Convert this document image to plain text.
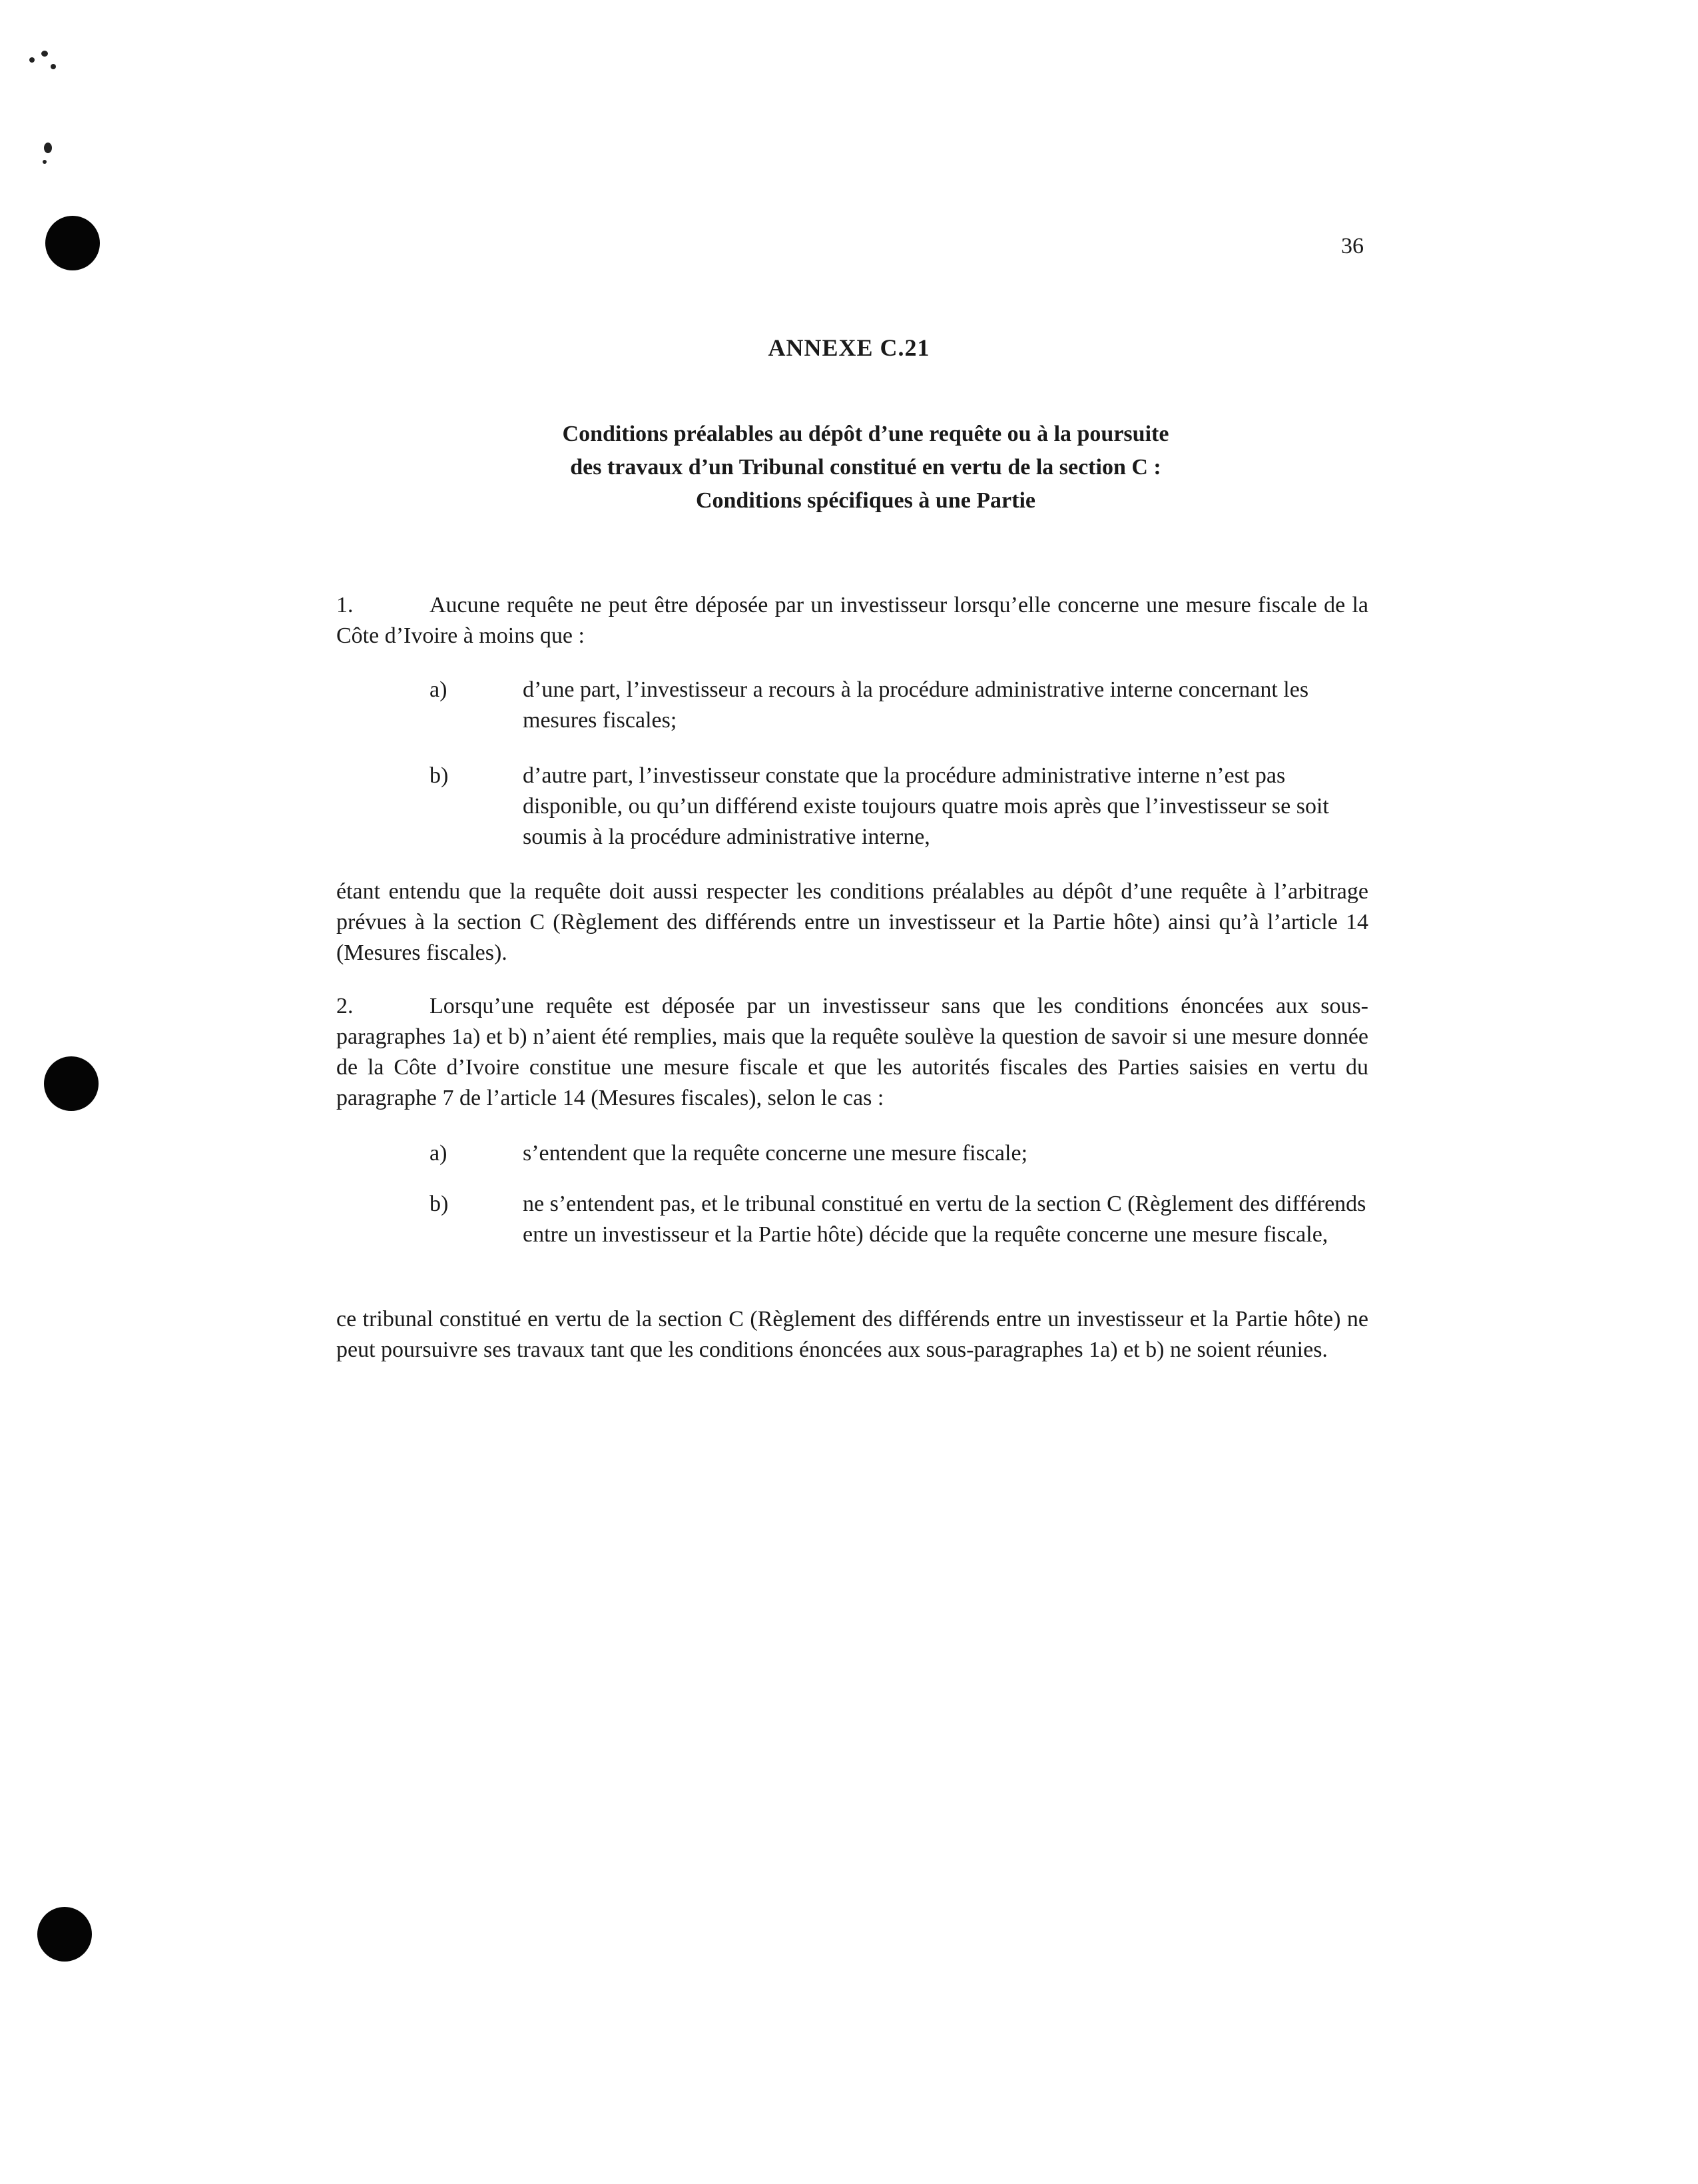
36
ANNEXE C.21
Conditions préalables au dépôt d’une requête ou à la poursuite
des travaux d’un Tribunal constitué en vertu de la section C :
Conditions spécifiques à une Partie
1.	Aucune requête ne peut être déposée par un investisseur lorsqu’elle concerne une mesure fiscale de la Côte d’Ivoire à moins que :
a)	d’une part, l’investisseur a recours à la procédure administrative interne concernant les mesures fiscales;
b)	d’autre part, l’investisseur constate que la procédure administrative interne n’est pas disponible, ou qu’un différend existe toujours quatre mois après que l’investisseur se soit soumis à la procédure administrative interne,
étant entendu que la requête doit aussi respecter les conditions préalables au dépôt d’une requête à l’arbitrage prévues à la section C (Règlement des différends entre un investisseur et la Partie hôte) ainsi qu’à l’article 14 (Mesures fiscales).
2.	Lorsqu’une requête est déposée par un investisseur sans que les conditions énoncées aux sous-paragraphes 1a) et b) n’aient été remplies, mais que la requête soulève la question de savoir si une mesure donnée de la Côte d’Ivoire constitue une mesure fiscale et que les autorités fiscales des Parties saisies en vertu du paragraphe 7 de l’article 14 (Mesures fiscales), selon le cas :
a)	s’entendent que la requête concerne une mesure fiscale;
b)	ne s’entendent pas, et le tribunal constitué en vertu de la section C (Règlement des différends entre un investisseur et la Partie hôte) décide que la requête concerne une mesure fiscale,
ce tribunal constitué en vertu de la section C (Règlement des différends entre un investisseur et la Partie hôte) ne peut poursuivre ses travaux tant que les conditions énoncées aux sous-paragraphes 1a) et b) ne soient réunies.
